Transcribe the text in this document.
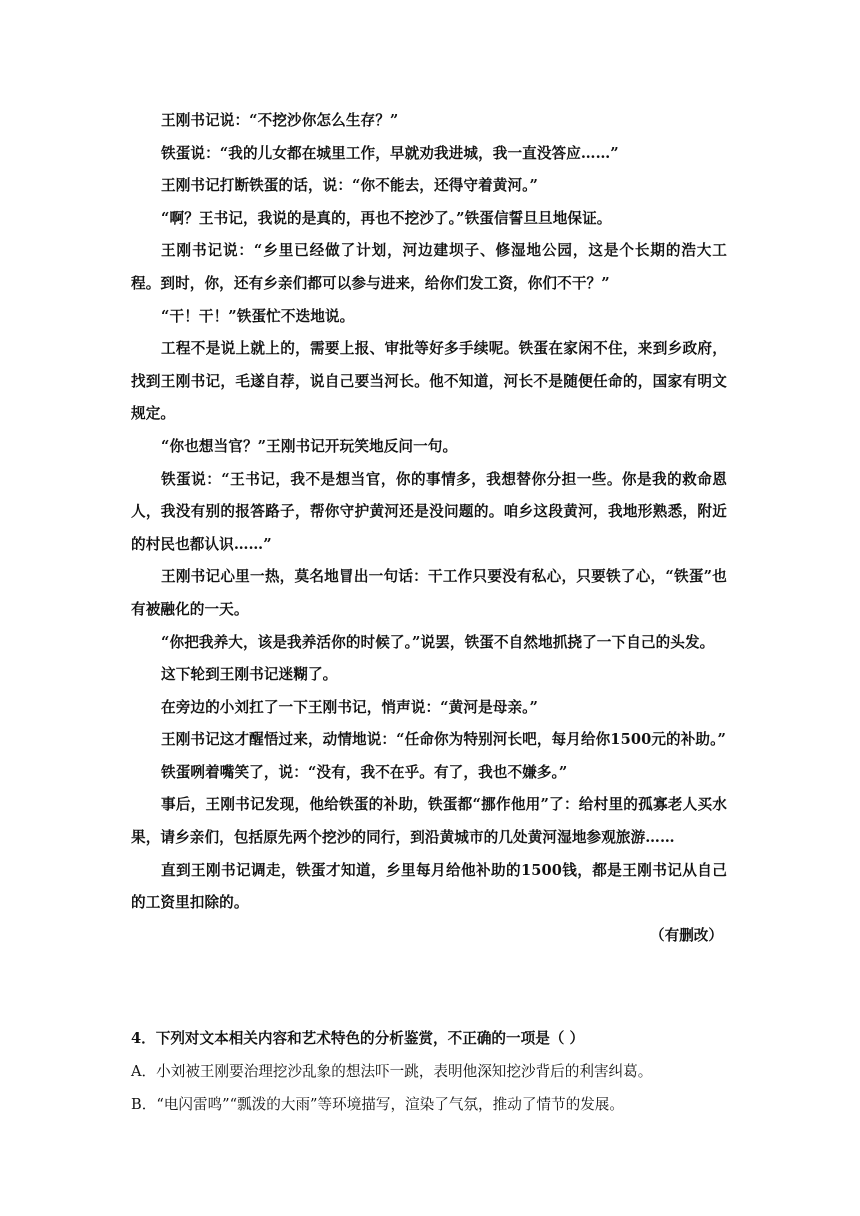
王刚书记说：“不挖沙你怎么生存？”

铁蛋说：“我的儿女都在城里工作，早就劝我进城，我一直没答应……”

王刚书记打断铁蛋的话，说：“你不能去，还得守着黄河。”

“啊？王书记，我说的是真的，再也不挖沙了。”铁蛋信誓旦旦地保证。

王刚书记说：“乡里已经做了计划，河边建坝子、修湿地公园，这是个长期的浩大工程。到时，你，还有乡亲们都可以参与进来，给你们发工资，你们不干？”

“干！干！”铁蛋忙不迭地说。

工程不是说上就上的，需要上报、审批等好多手续呢。铁蛋在家闲不住，来到乡政府，找到王刚书记，毛遂自荐，说自己要当河长。他不知道，河长不是随便任命的，国家有明文规定。

“你也想当官？”王刚书记开玩笑地反问一句。

铁蛋说：“王书记，我不是想当官，你的事情多，我想替你分担一些。你是我的救命恩人，我没有别的报答路子，帮你守护黄河还是没问题的。咱乡这段黄河，我地形熟悉，附近的村民也都认识……”

王刚书记心里一热，莫名地冒出一句话：干工作只要没有私心，只要铁了心，“铁蛋”也有被融化的一天。

“你把我养大，该是我养活你的时候了。”说罢，铁蛋不自然地抓挠了一下自己的头发。

这下轮到王刚书记迷糊了。

在旁边的小刘扛了一下王刚书记，悄声说：“黄河是母亲。”

王刚书记这才醒悟过来，动情地说：“任命你为特别河长吧，每月给你1500元的补助。”

铁蛋咧着嘴笑了，说：“没有，我不在乎。有了，我也不嫌多。”

事后，王刚书记发现，他给铁蛋的补助，铁蛋都“挪作他用”了：给村里的孤寡老人买水果，请乡亲们，包括原先两个挖沙的同行，到沿黄城市的几处黄河湿地参观旅游……

直到王刚书记调走，铁蛋才知道，乡里每月给他补助的1500钱，都是王刚书记从自己的工资里扣除的。

（有删改）

4．下列对文本相关内容和艺术特色的分析鉴赏，不正确的一项是（ ）

A．小刘被王刚要治理挖沙乱象的想法吓一跳，表明他深知挖沙背后的利害纠葛。

B．“电闪雷鸣”“瓢泼的大雨”等环境描写，渲染了气氛，推动了情节的发展。
